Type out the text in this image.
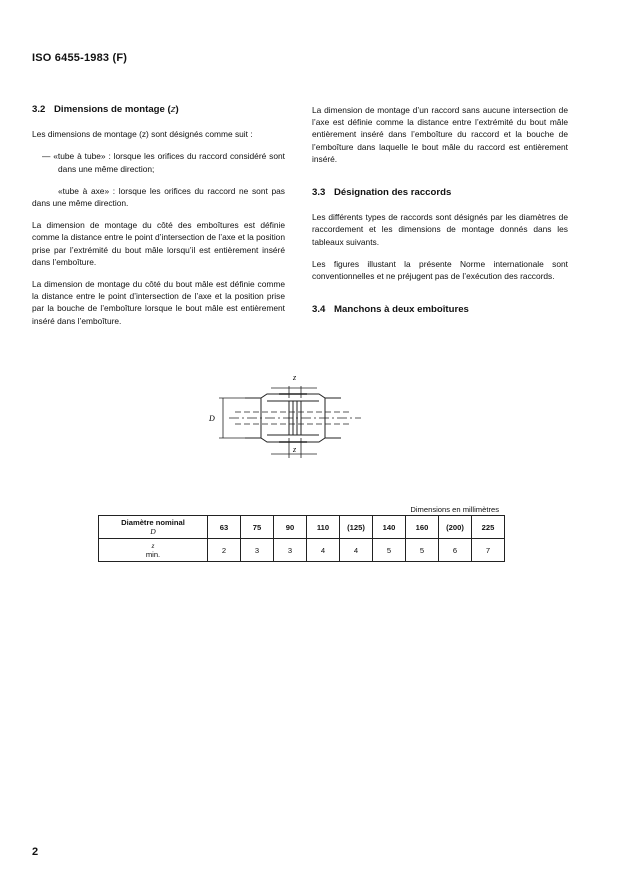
ISO 6455-1983 (F)
3.2 Dimensions de montage (z)

Les dimensions de montage (z) sont désignés comme suit :

— «tube à tube» : lorsque les orifices du raccord considéré sont dans une même direction;

«tube à axe» : lorsque les orifices du raccord ne sont pas dans une même direction.

La dimension de montage du côté des emboîtures est définie comme la distance entre le point d’intersection de l’axe et la position prise par l’extrémité du bout mâle lorsqu’il est entièrement inséré dans l’emboîture.

La dimension de montage du côté du bout mâle est définie comme la distance entre le point d’intersection de l’axe et la position prise par la bouche de l’emboîture lorsque le bout mâle est entièrement inséré dans l’emboîture.

La dimension de montage d’un raccord sans aucune intersection de l’axe est définie comme la distance entre l’extrémité du bout mâle entièrement inséré dans l’emboîture du raccord et la bouche de l’emboîture dans laquelle le bout mâle du raccord est entièrement inséré.

3.3 Désignation des raccords

Les différents types de raccords sont désignés par les diamètres de raccordement et les dimensions de montage donnés dans les tableaux suivants.

Les figures illustant la présente Norme internationale sont conventionnelles et ne préjugent pas de l’exécution des raccords.

3.4 Manchons à deux emboîtures
z
z
D
Dimensions en millimètres
Diamètre nominal
D	63	75	90	110	(125)	140	160	(200)	225

z
min.	2	3	3	4	4	5	5	6	7
2
